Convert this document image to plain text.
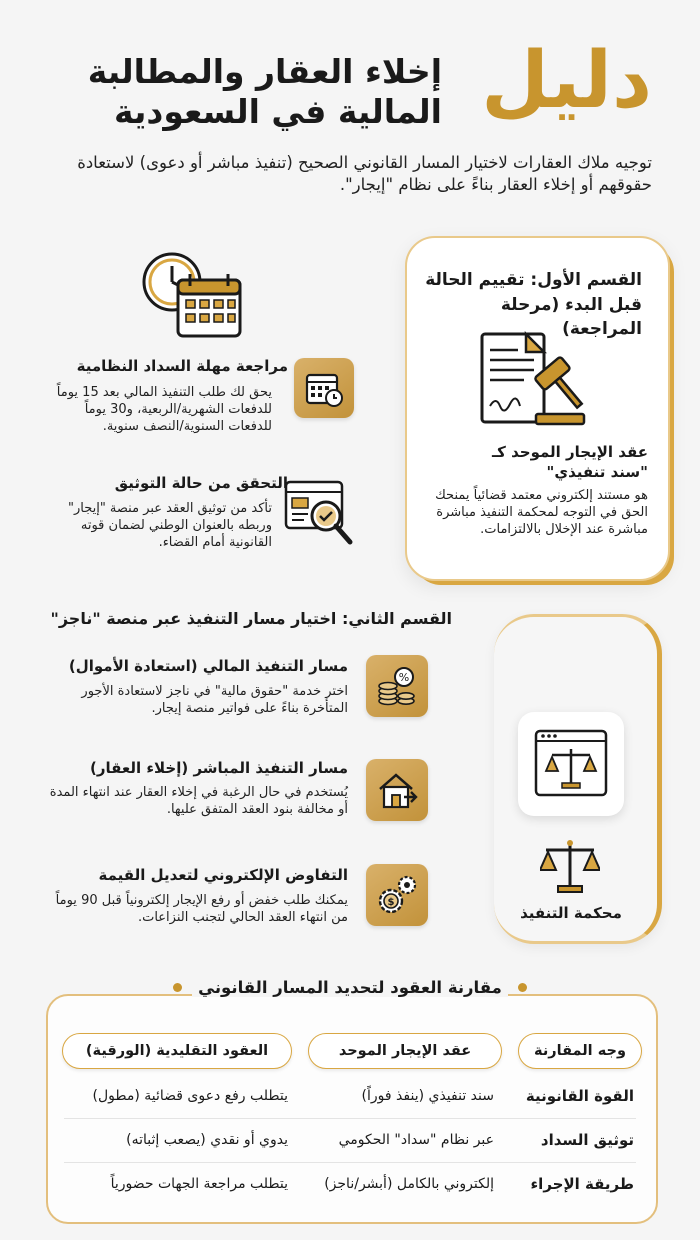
دليل
إخلاء العقار والمطالبة
المالية في السعودية
توجيه ملاك العقارات لاختيار المسار القانوني الصحيح (تنفيذ مباشر أو دعوى) لاستعادة حقوقهم أو إخلاء العقار بناءً على نظام "إيجار".
القسم الأول: تقييم الحالة
قبل البدء (مرحلة المراجعة)
عقد الإيجار الموحد كـ
"سند تنفيذي"
هو مستند إلكتروني معتمد قضائياً يمنحك الحق في التوجه لمحكمة التنفيذ مباشرة مباشرة عند الإخلال بالالتزامات.
مراجعة مهلة السداد النظامية
يحق لك طلب التنفيذ المالي بعد 15 يوماً للدفعات الشهرية/الربعية، و30 يوماً للدفعات السنوية/النصف سنوية.
التحقق من حالة التوثيق
تأكد من توثيق العقد عبر منصة "إيجار" وربطه بالعنوان الوطني لضمان قوته القانونية أمام القضاء.
القسم الثاني: اختيار مسار التنفيذ عبر منصة "ناجز"
محكمة التنفيذ
%
مسار التنفيذ المالي (استعادة الأموال)
اختر خدمة "حقوق مالية" في ناجز لاستعادة الأجور المتأخرة بناءً على فواتير منصة إيجار.
مسار التنفيذ المباشر (إخلاء العقار)
يُستخدم في حال الرغبة في إخلاء العقار عند انتهاء المدة أو مخالفة بنود العقد المتفق عليها.
$
التفاوض الإلكتروني لتعديل القيمة
يمكنك طلب خفض أو رفع الإيجار إلكترونياً قبل 90 يوماً من انتهاء العقد الحالي لتجنب النزاعات.
مقارنة العقود لتحديد المسار القانوني
وجه المقارنة
عقد الإيجار الموحد
العقود التقليدية (الورقية)
القوة القانونية
سند تنفيذي (ينفذ فوراً)
يتطلب رفع دعوى قضائية (مطول)
توثيق السداد
عبر نظام "سداد" الحكومي
يدوي أو نقدي (يصعب إثباته)
طريقة الإجراء
إلكتروني بالكامل (أبشر/ناجز)
يتطلب مراجعة الجهات حضورياً
